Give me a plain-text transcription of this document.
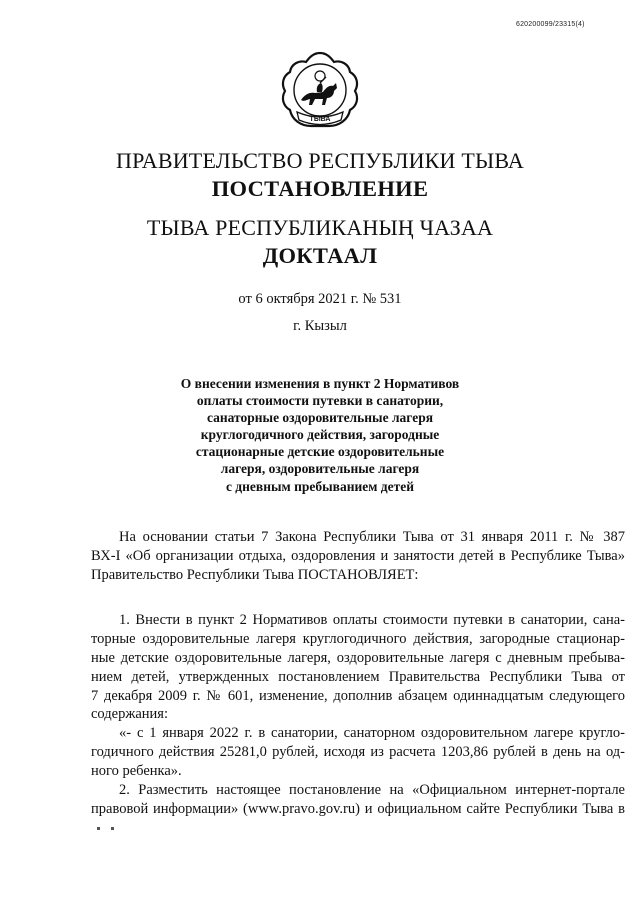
620200099/23315(4)
ТЫВА
ПРАВИТЕЛЬСТВО РЕСПУБЛИКИ ТЫВА
ПОСТАНОВЛЕНИЕ
ТЫВА РЕСПУБЛИКАНЫҢ ЧАЗАА
ДОКТААЛ
от 6 октября 2021 г. № 531
г. Кызыл
О внесении изменения в пункт 2 Нормативов
оплаты стоимости путевки в санатории,
санаторные оздоровительные лагеря
круглогодичного действия, загородные
стационарные детские оздоровительные
лагеря, оздоровительные лагеря
с дневным пребыванием детей
На основании статьи 7 Закона Республики Тыва от 31 января 2011 г. № 387
ВХ-I «Об организации отдыха, оздоровления и занятости детей в Республике Тыва»
Правительство Республики Тыва ПОСТАНОВЛЯЕТ:
1. Внести в пункт 2 Нормативов оплаты стоимости путевки в санатории, сана-
торные оздоровительные лагеря круглогодичного действия, загородные стационар-
ные детские оздоровительные лагеря, оздоровительные лагеря с дневным пребыва-
нием детей, утвержденных постановлением Правительства Республики Тыва от
7 декабря 2009 г. № 601, изменение, дополнив абзацем одиннадцатым следующего
содержания:
«- с 1 января 2022 г. в санатории, санаторном оздоровительном лагере кругло-
годичного действия 25281,0 рублей, исходя из расчета 1203,86 рублей в день на од-
ного ребенка».
2. Разместить настоящее постановление на «Официальном интернет-портале
правовой информации» (www.pravo.gov.ru) и официальном сайте Республики Тыва в
